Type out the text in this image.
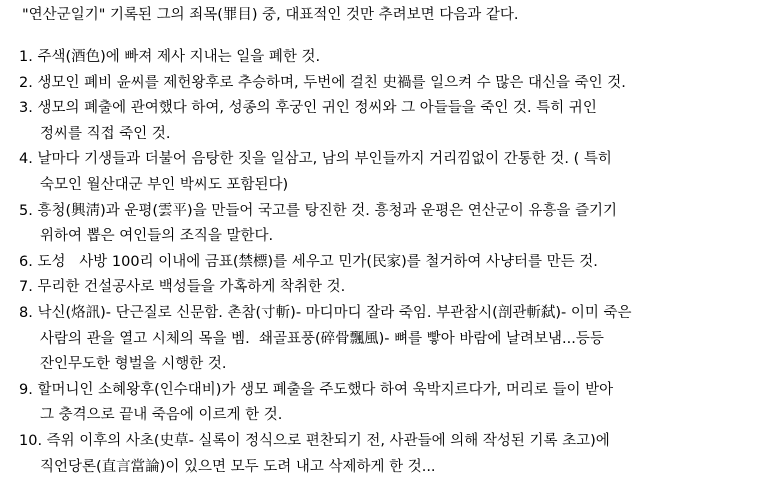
"연산군일기" 기록된 그의 죄목(罪目) 중, 대표적인 것만 추려보면 다음과 같다.
1. 주색(酒色)에 빠져 제사 지내는 일을 폐한 것.
2. 생모인 폐비 윤씨를 제헌왕후로 추승하며, 두번에 걸친 史禍를 일으켜 수 많은 대신을 죽인 것.
3. 생모의 폐출에 관여했다 하여, 성종의 후궁인 귀인 정씨와 그 아들들을 죽인 것. 특히 귀인
정씨를 직접 죽인 것.
4. 날마다 기생들과 더불어 음탕한 짓을 일삼고, 남의 부인들까지 거리낌없이 간통한 것. ( 특히
숙모인 월산대군 부인 박씨도 포함된다)
5. 흥청(興淸)과 운평(雲平)을 만들어 국고를 탕진한 것. 흥청과 운평은 연산군이 유흥을 즐기기
위하여 뽑은 여인들의 조직을 말한다.
6. 도성   사방 100리 이내에 금표(禁標)를 세우고 민가(民家)를 철거하여 사냥터를 만든 것.
7. 무리한 건설공사로 백성들을 가혹하게 착취한 것.
8. 낙신(烙訊)- 단근질로 신문함. 촌참(寸斬)- 마디마디 잘라 죽임. 부관참시(剖관斬弑)- 이미 죽은
사람의 관을 열고 시체의 목을 벰.  쇄골표풍(碎骨飄風)- 뼈를 빻아 바람에 날려보냄...등등
잔인무도한 형벌을 시행한 것.
9. 할머니인 소혜왕후(인수대비)가 생모 폐출을 주도했다 하여 욱박지르다가, 머리로 들이 받아
그 충격으로 끝내 죽음에 이르게 한 것.
10. 즉위 이후의 사초(史草- 실록이 정식으로 편찬되기 전, 사관들에 의해 작성된 기록 초고)에
직언당론(直言當論)이 있으면 모두 도려 내고 삭제하게 한 것...
